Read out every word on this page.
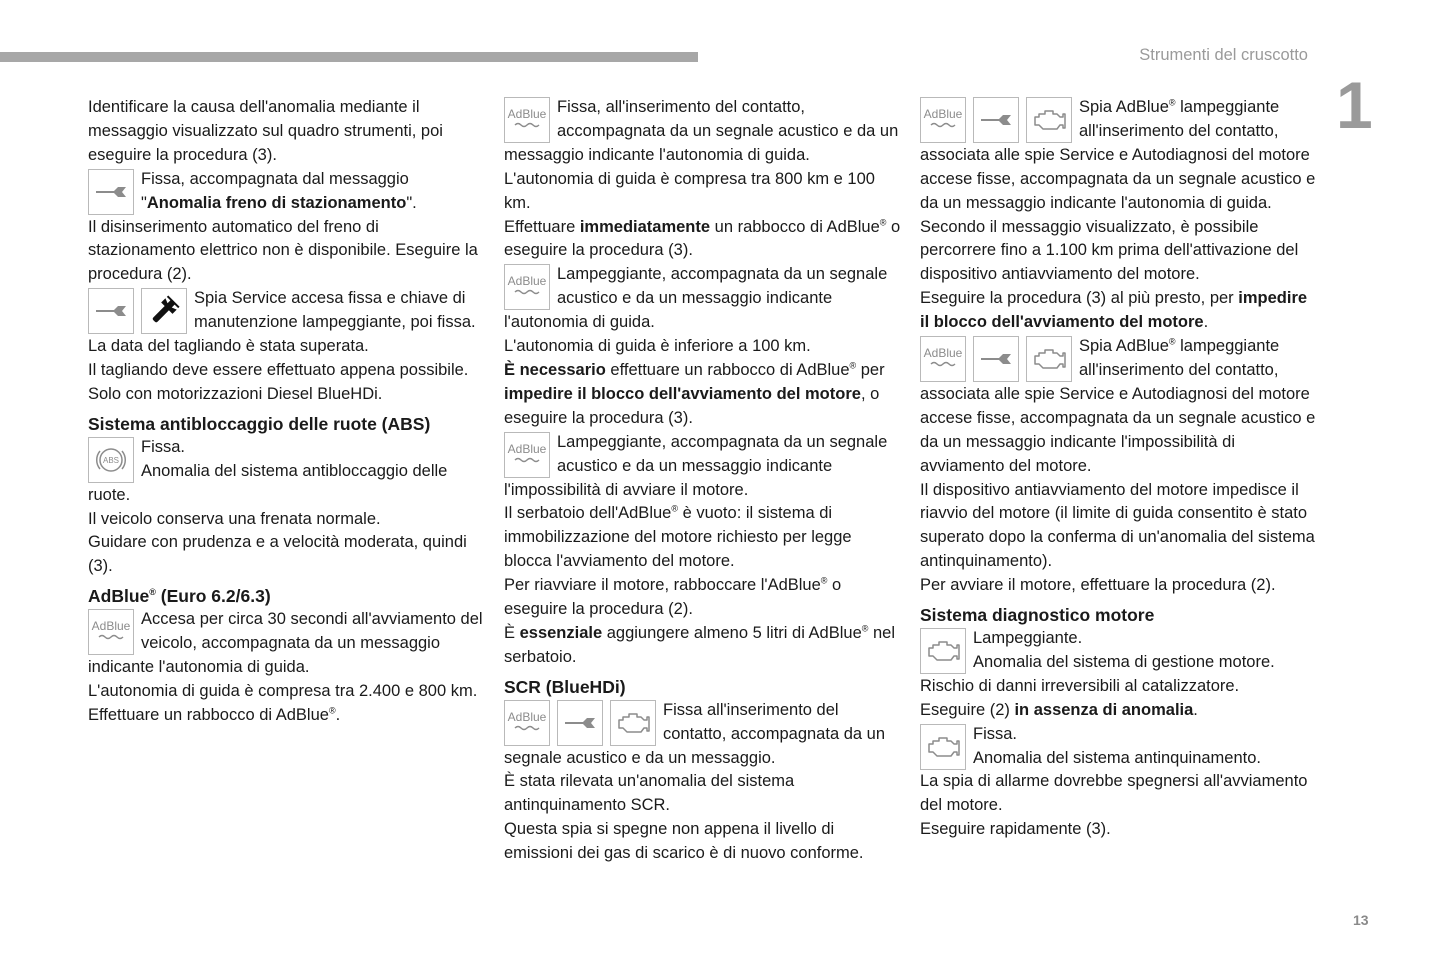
Strumenti del cruscotto
1
13

Identificare la causa dell'anomalia mediante il messaggio visualizzato sul quadro strumenti, poi eseguire la procedura (3).

Fissa, accompagnata dal messaggio "Anomalia freno di stazionamento".

Il disinserimento automatico del freno di stazionamento elettrico non è disponibile. Eseguire la procedura (2).

Spia Service accesa fissa e chiave di manutenzione lampeggiante, poi fissa.

La data del tagliando è stata superata.

Il tagliando deve essere effettuato appena possibile.

Solo con motorizzazioni Diesel BlueHDi.

Sistema antibloccaggio delle ruote (ABS)
ABS

Fissa.

Anomalia del sistema antibloccaggio delle ruote.

Il veicolo conserva una frenata normale.

Guidare con prudenza e a velocità moderata, quindi (3).

AdBlue® (Euro 6.2/6.3)
AdBlue Accesa per circa 30 secondi all'avviamento del veicolo, accompagnata da un messaggio indicante l'autonomia di guida.

L'autonomia di guida è compresa tra 2.400 e 800 km.

Effettuare un rabbocco di AdBlue®.

AdBlue Fissa, all'inserimento del contatto, accompagnata da un segnale acustico e da un messaggio indicante l'autonomia di guida.

L'autonomia di guida è compresa tra 800 km e 100 km.

Effettuare immediatamente un rabbocco di AdBlue® o eseguire la procedura (3).

AdBlue Lampeggiante, accompagnata da un segnale acustico e da un messaggio indicante l'autonomia di guida.

L'autonomia di guida è inferiore a 100 km.

È necessario effettuare un rabbocco di AdBlue® per impedire il blocco dell'avviamento del motore, o eseguire la procedura (3).

AdBlue Lampeggiante, accompagnata da un segnale acustico e da un messaggio indicante l'impossibilità di avviare il motore.

Il serbatoio dell'AdBlue® è vuoto: il sistema di immobilizzazione del motore richiesto per legge blocca l'avviamento del motore.

Per riavviare il motore, rabboccare l'AdBlue® o eseguire la procedura (2).

È essenziale aggiungere almeno 5 litri di AdBlue® nel serbatoio.

SCR (BlueHDi)
AdBlue	Fissa all'inserimento del contatto, accompagnata da un segnale acustico e da un messaggio.

È stata rilevata un'anomalia del sistema antinquinamento SCR.

Questa spia si spegne non appena il livello di emissioni dei gas di scarico è di nuovo conforme.

AdBlue	Spia AdBlue® lampeggiante all'inserimento del contatto, associata alle spie Service e Autodiagnosi del motore accese fisse, accompagnata da un segnale acustico e da un messaggio indicante l'autonomia di guida.

Secondo il messaggio visualizzato, è possibile percorrere fino a 1.100 km prima dell'attivazione del dispositivo antiavviamento del motore.

Eseguire la procedura (3) al più presto, per impedire il blocco dell'avviamento del motore.

AdBlue	Spia AdBlue® lampeggiante all'inserimento del contatto, associata alle spie Service e Autodiagnosi del motore accese fisse, accompagnata da un segnale acustico e da un messaggio indicante l'impossibilità di avviamento del motore.

Il dispositivo antiavviamento del motore impedisce il riavvio del motore (il limite di guida consentito è stato superato dopo la conferma di un'anomalia del sistema antinquinamento).

Per avviare il motore, effettuare la procedura (2).

Sistema diagnostico motore

Lampeggiante.

Anomalia del sistema di gestione motore.

Rischio di danni irreversibili al catalizzatore.

Eseguire (2) in assenza di anomalia.

Fissa.

Anomalia del sistema antinquinamento.

La spia di allarme dovrebbe spegnersi all'avviamento del motore.

Eseguire rapidamente (3).
